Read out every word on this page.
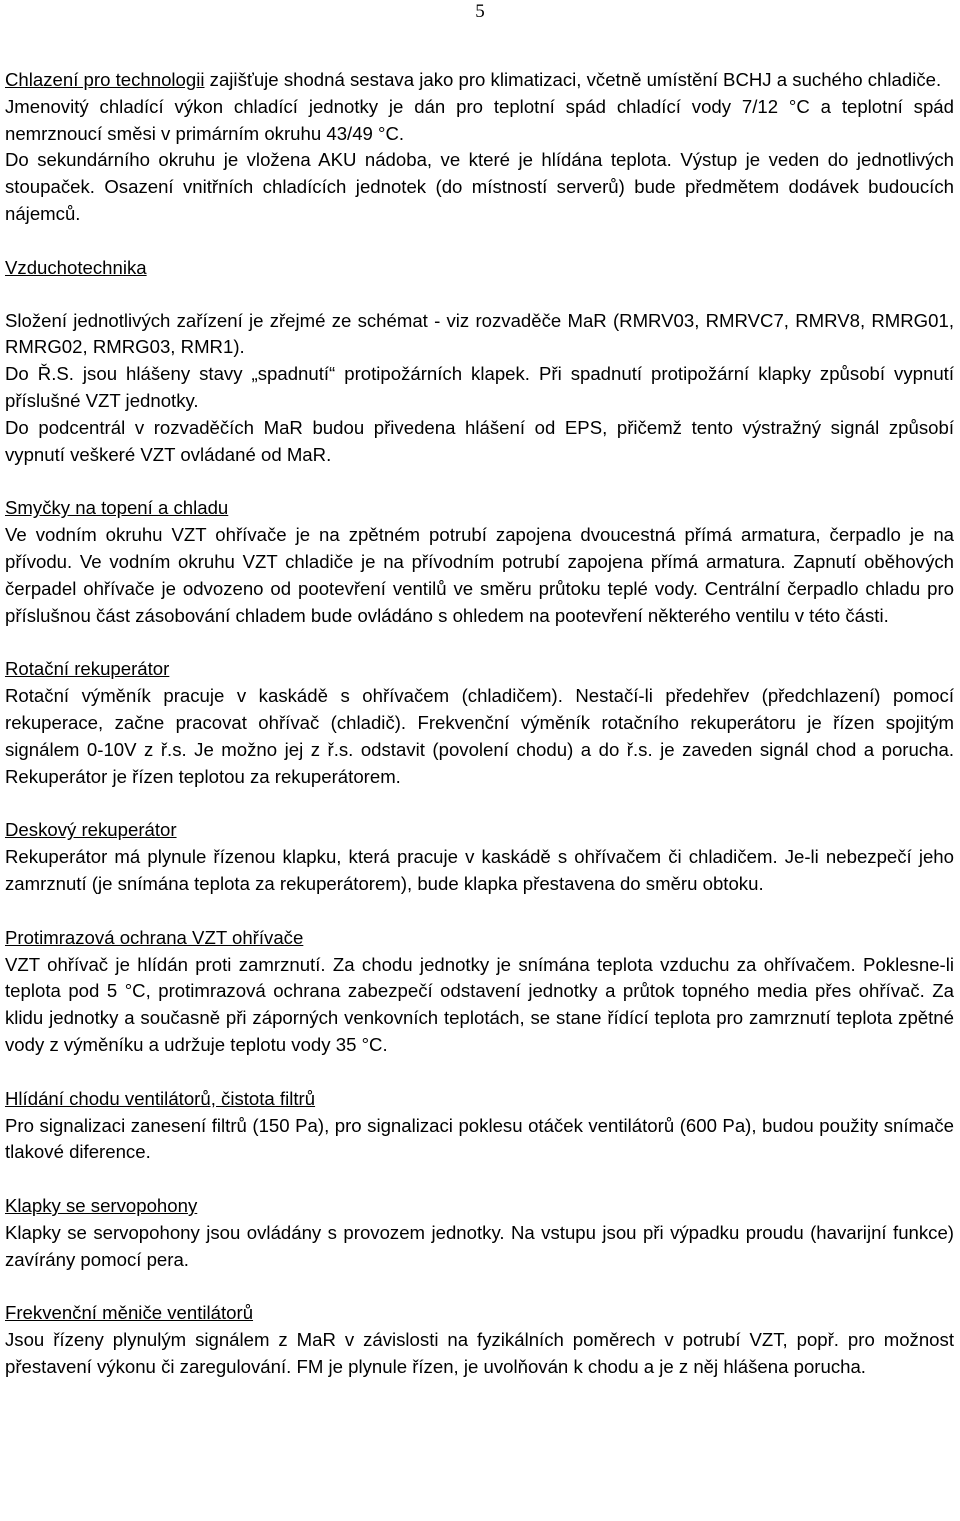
5

Chlazení pro technologii zajišťuje shodná sestava jako pro klimatizaci, včetně umístění BCHJ a suchého chladiče.

Jmenovitý chladící výkon chladící jednotky je dán pro teplotní spád chladící vody 7/12 °C a teplotní spád nemrznoucí směsi v primárním okruhu 43/49 °C.

Do sekundárního okruhu je vložena AKU nádoba, ve které je hlídána teplota. Výstup je veden do jednotlivých stoupaček. Osazení vnitřních chladících jednotek (do místností serverů) bude předmětem dodávek budoucích nájemců.

Vzduchotechnika

Složení jednotlivých zařízení je zřejmé ze schémat - viz rozvaděče MaR (RMRV03, RMRVC7, RMRV8, RMRG01, RMRG02, RMRG03, RMR1).

Do Ř.S. jsou hlášeny stavy „spadnutí“ protipožárních klapek. Při spadnutí protipožární klapky způsobí vypnutí příslušné VZT jednotky.

Do podcentrál v rozvaděčích MaR budou přivedena hlášení od EPS, přičemž tento výstražný signál způsobí vypnutí veškeré VZT ovládané od MaR.

Smyčky na topení a chladu

Ve vodním okruhu VZT ohřívače je na zpětném potrubí zapojena dvoucestná přímá armatura, čerpadlo je na přívodu. Ve vodním okruhu VZT chladiče je na přívodním potrubí zapojena přímá armatura. Zapnutí oběhových čerpadel ohřívače je odvozeno od pootevření ventilů ve směru průtoku teplé vody. Centrální čerpadlo chladu pro příslušnou část zásobování chladem bude ovládáno s ohledem na pootevření některého ventilu v této části.

Rotační rekuperátor

Rotační výměník pracuje v kaskádě s ohřívačem (chladičem). Nestačí-li předehřev (předchlazení) pomocí rekuperace, začne pracovat ohřívač (chladič). Frekvenční výměník rotačního rekuperátoru je řízen spojitým signálem 0-10V z ř.s. Je možno jej z ř.s. odstavit (povolení chodu) a do ř.s. je zaveden signál chod a porucha. Rekuperátor je řízen teplotou za rekuperátorem.

Deskový rekuperátor

Rekuperátor má plynule řízenou klapku, která pracuje v kaskádě s ohřívačem či chladičem. Je-li nebezpečí jeho zamrznutí (je snímána teplota za rekuperátorem), bude klapka přestavena do směru obtoku.

Protimrazová ochrana VZT ohřívače

VZT ohřívač je hlídán proti zamrznutí. Za chodu jednotky je snímána teplota vzduchu za ohřívačem. Poklesne-li teplota pod 5 °C, protimrazová ochrana zabezpečí odstavení jednotky a průtok topného media přes ohřívač. Za klidu jednotky a současně při záporných venkovních teplotách, se stane řídící teplota pro zamrznutí teplota zpětné vody z výměníku a udržuje teplotu vody 35 °C.

Hlídání chodu ventilátorů, čistota filtrů

Pro signalizaci zanesení filtrů (150 Pa), pro signalizaci poklesu otáček ventilátorů (600 Pa), budou použity snímače tlakové diference.

Klapky se servopohony

Klapky se servopohony jsou ovládány s provozem jednotky. Na vstupu jsou při výpadku proudu (havarijní funkce) zavírány pomocí pera.

Frekvenční měniče ventilátorů

Jsou řízeny plynulým signálem z MaR v závislosti na fyzikálních poměrech v potrubí VZT, popř. pro možnost přestavení výkonu či zaregulování. FM je plynule řízen, je uvolňován k chodu a je z něj hlášena porucha.
